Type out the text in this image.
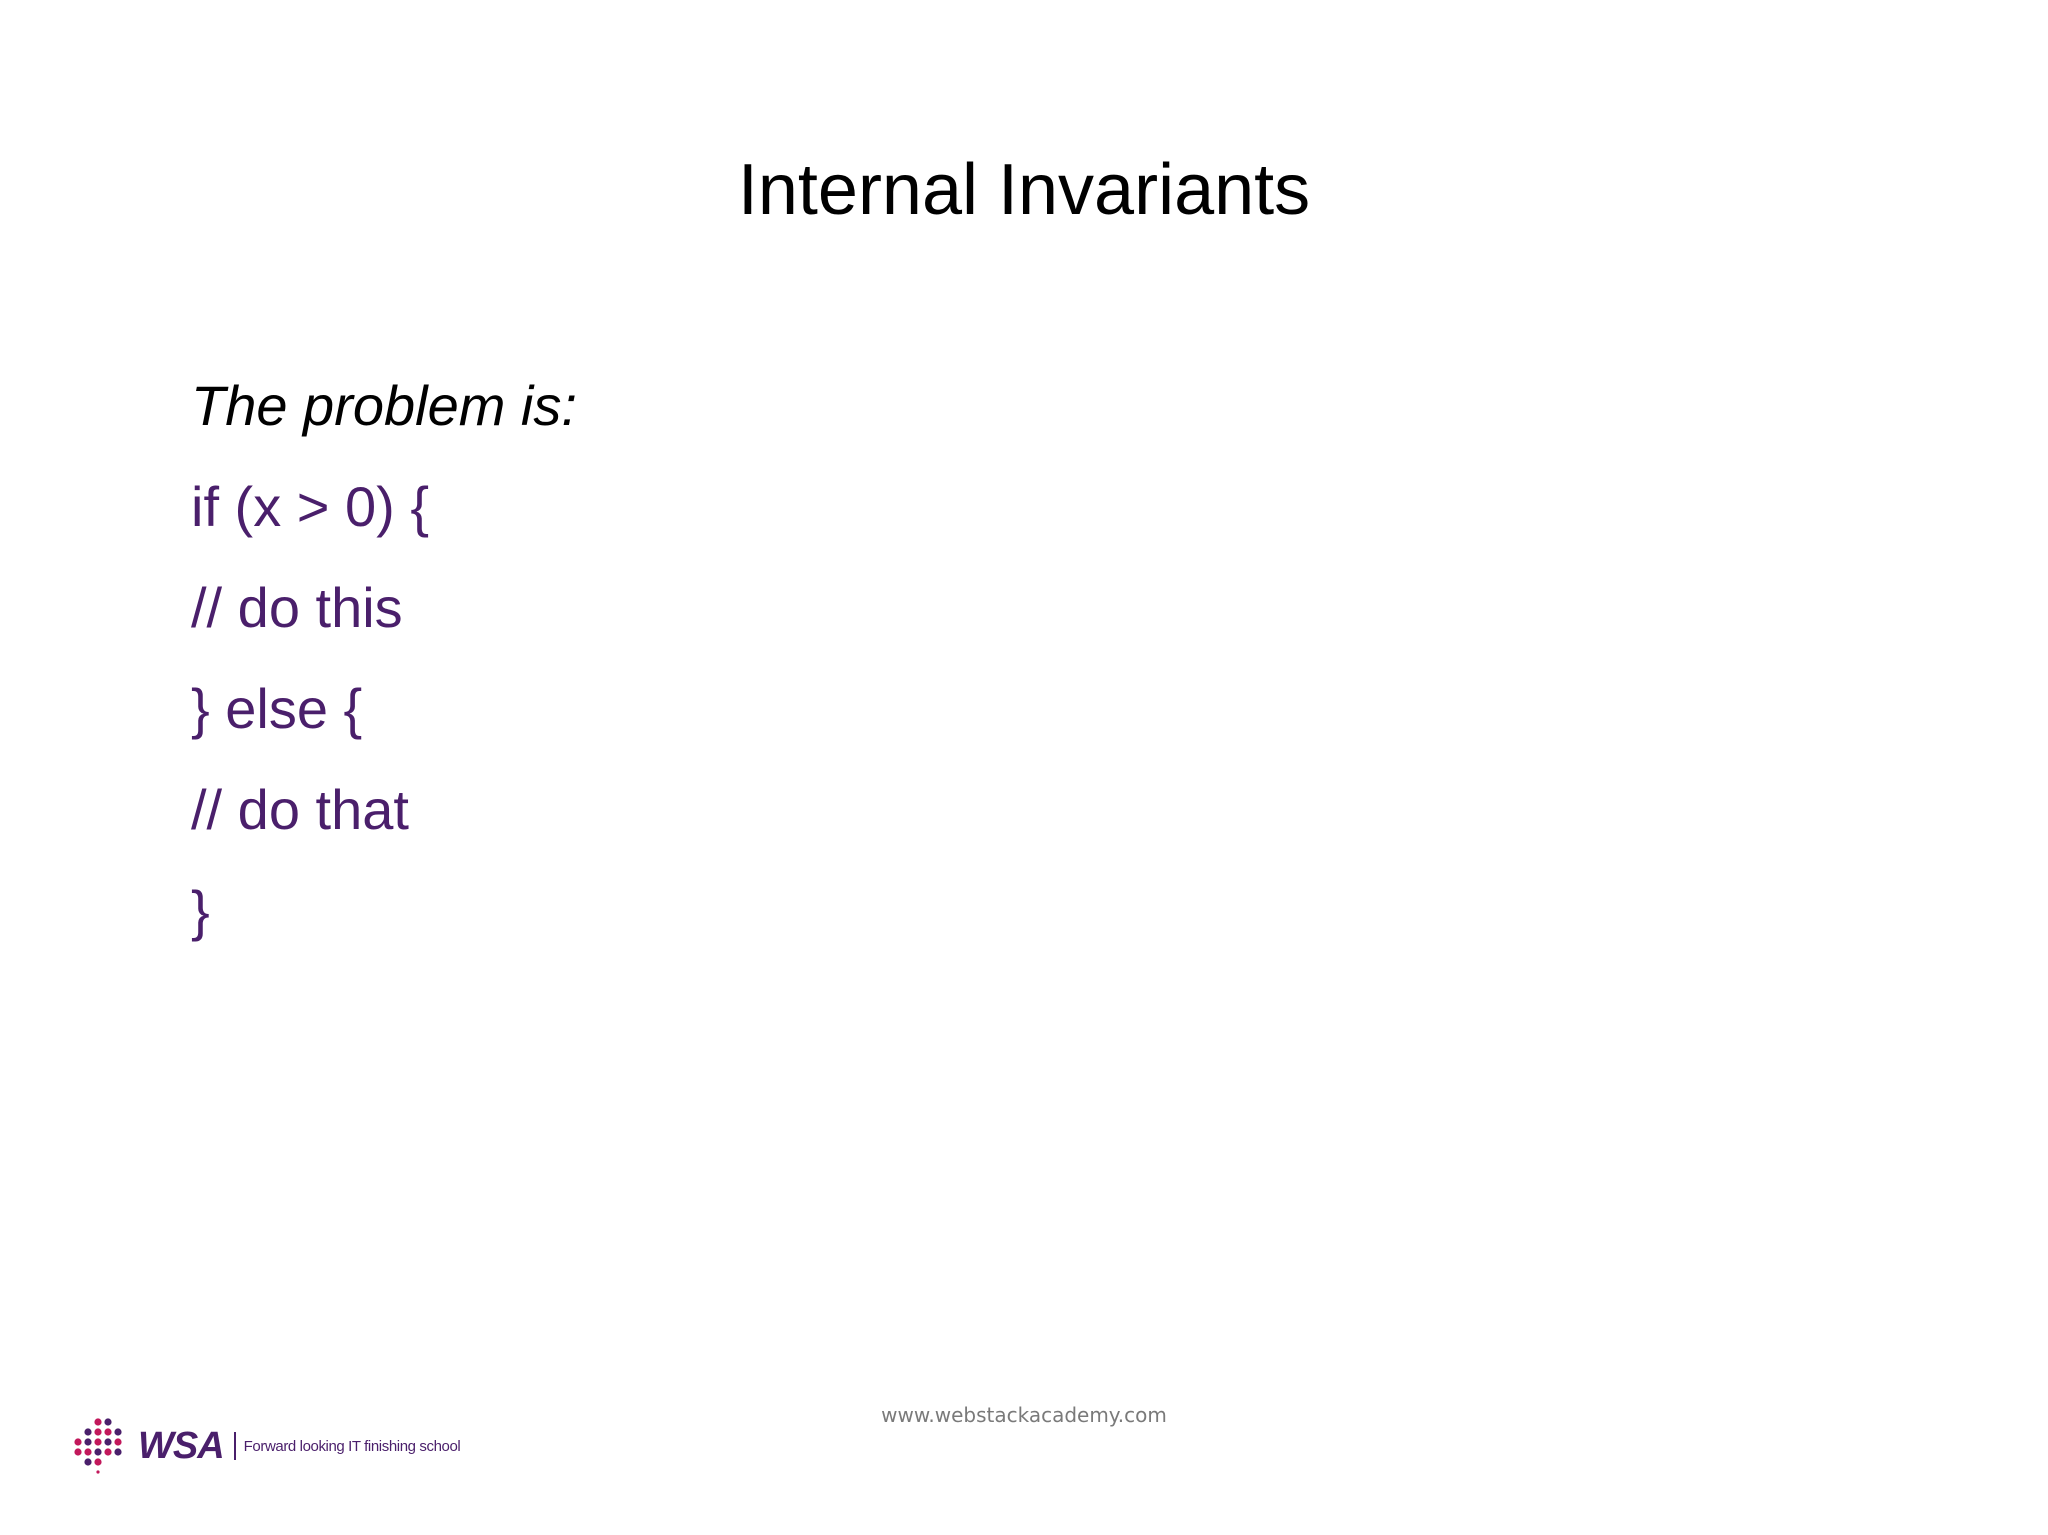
Internal Invariants
The problem is:
if (x > 0) {
// do this
} else {
// do that
}
www.webstackacademy.com
WSA Forward looking IT finishing school
